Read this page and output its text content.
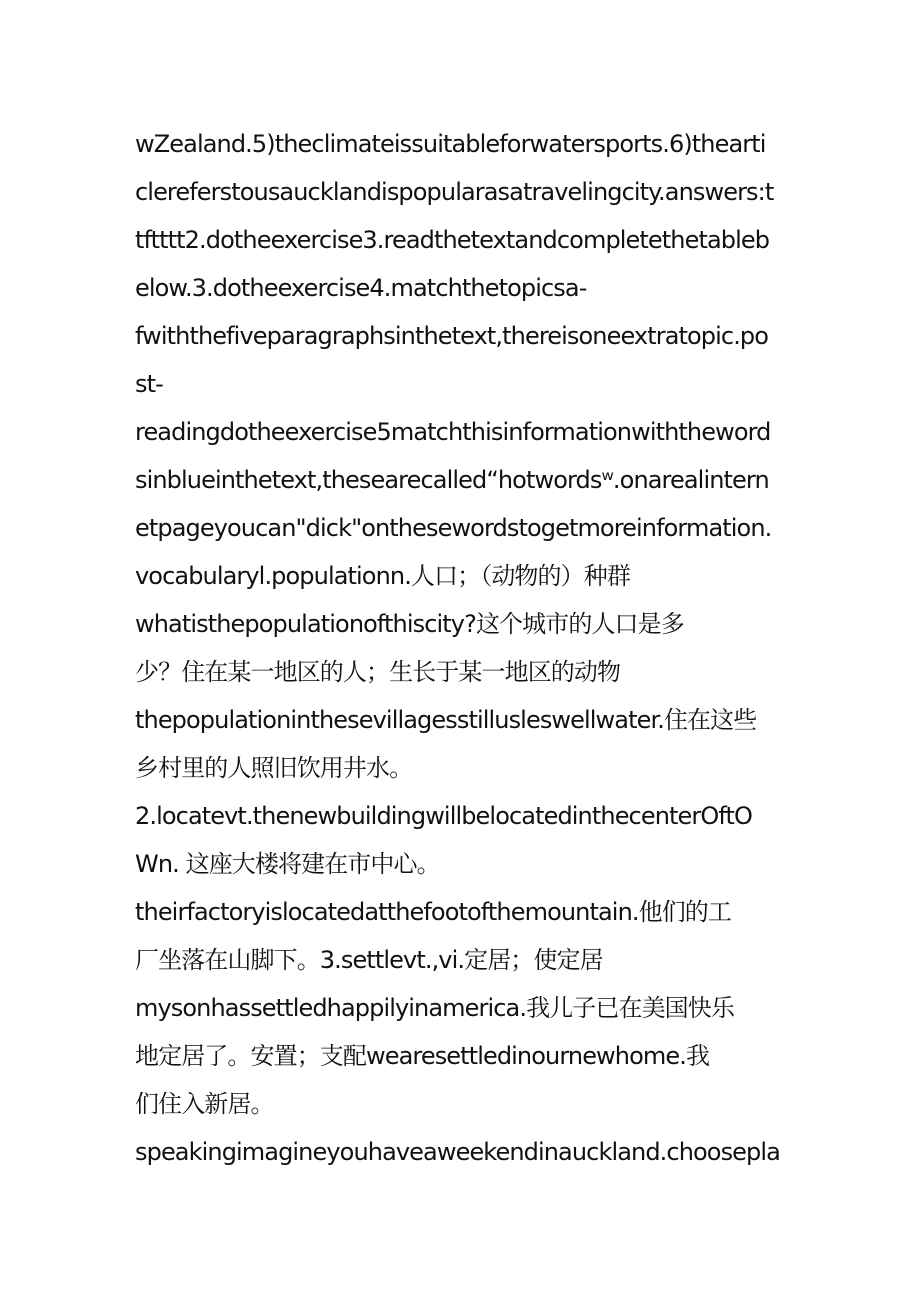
wZealand.5)theclimateissuitableforwatersports.6)thearti
clereferstousaucklandispopularasatravelingcity.answers:t
tftttt2.dotheexercise3.readthetextandcompletethetableb
elow.3.dotheexercise4.matchthetopicsa-
fwiththefiveparagraphsinthetext,thereisoneextratopic.po
st-
readingdotheexercise5matchthisinformationwiththeword
sinblueinthetext,thesearecalled“hotwordsʷ.onarealintern
etpageyoucan"dick"onthesewordstogetmoreinformation.
vocabularyl.populationn.人口；（动物的）种群
whatisthepopulationofthiscity?这个城市的人口是多
少？住在某一地区的人；生长于某一地区的动物
thepopulationinthesevillagesstillusleswellwater.住在这些
乡村里的人照旧饮用井水。
2.locatevt.thenewbuildingwillbelocatedinthecenterOftO
Wn. 这座大楼将建在市中心。
theirfactoryislocatedatthefootofthemountain.他们的工
厂坐落在山脚下。3.settlevt.,vi.定居；使定居
mysonhassettledhappilyinamerica.我儿子已在美国快乐
地定居了。安置；支配wearesettledinournewhome.我
们住入新居。
speakingimagineyouhaveaweekendinauckland.choosepla
